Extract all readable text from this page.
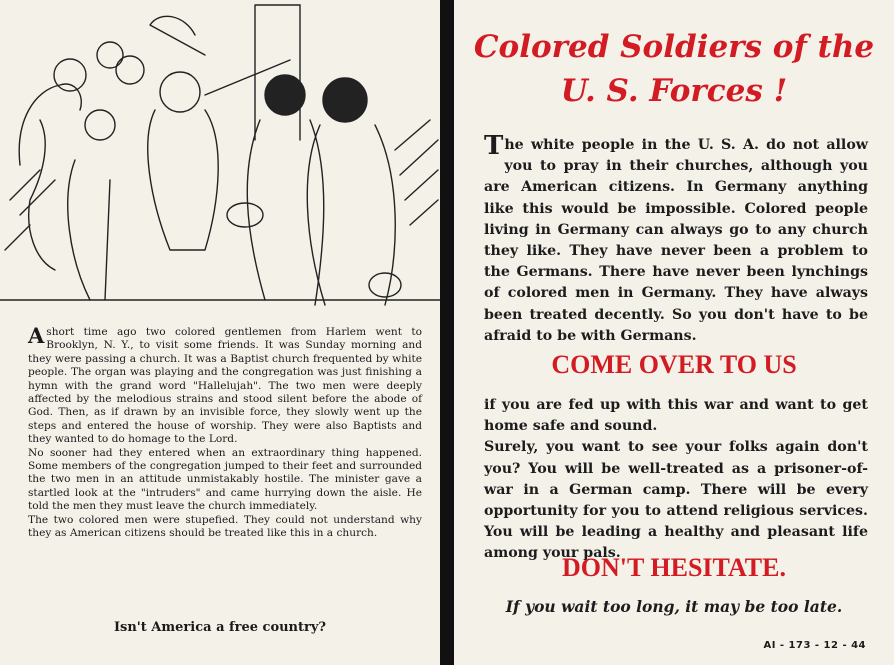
Ashort time ago two colored gentlemen from Harlem went to Brooklyn, N. Y., to visit some friends. It was Sunday morning and they were passing a church. It was a Baptist church frequented by white people. The organ was playing and the congregation was just finishing a hymn with the grand word "Hallelujah". The two men were deeply affected by the melodious strains and stood silent before the abode of God. Then, as if drawn by an invisible force, they slowly went up the steps and entered the house of worship. They were also Baptists and they wanted to do homage to the Lord.

No sooner had they entered when an extraordinary thing happened. Some members of the congregation jumped to their feet and surrounded the two men in an attitude unmistakably hostile. The minister gave a startled look at the "intruders" and came hurrying down the aisle. He told the men they must leave the church immediately.

The two colored men were stupefied. They could not understand why they as American citizens should be treated like this in a church.

Isn't America a free country?
Colored Soldiers of the
U. S. Forces !

The white people in the U. S. A. do not allow you to pray in their churches, although you are American citizens. In Germany anything like this would be impossible. Colored people living in Germany can always go to any church they like. They have never been a problem to the Germans. There have never been lynchings of colored men in Germany. They have always been treated decently. So you don't have to be afraid to be with Germans.

COME OVER TO US

if you are fed up with this war and want to get home safe and sound.

Surely, you want to see your folks again don't you? You will be well-treated as a prisoner-of-war in a German camp. There will be every opportunity for you to attend religious services. You will be leading a healthy and pleasant life among your pals.

DON'T HESITATE.
If you wait too long, it may be too late.
AI - 173 - 12 - 44
